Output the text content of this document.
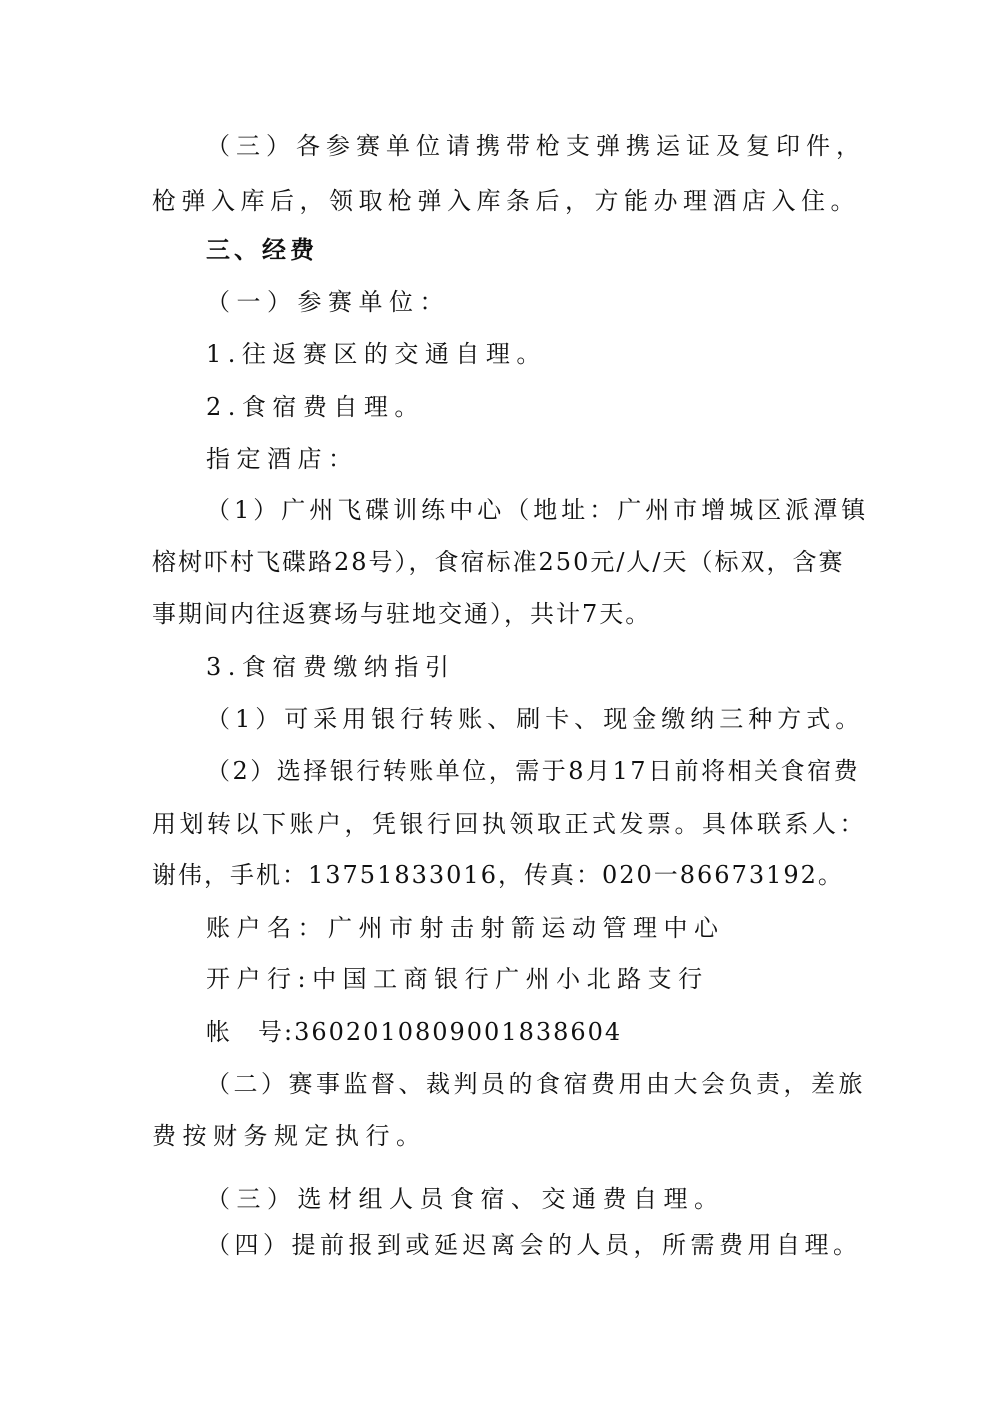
（三）各参赛单位请携带枪支弹携运证及复印件，
枪弹入库后，领取枪弹入库条后，方能办理酒店入住。
三、经费
（一）参赛单位：
1.往返赛区的交通自理。
2.食宿费自理。
指定酒店：
（1）广州飞碟训练中心（地址：广州市增城区派潭镇
榕树吓村飞碟路28号），食宿标准250元/人/天（标双，含赛
事期间内往返赛场与驻地交通），共计7天。
3.食宿费缴纳指引
（1）可采用银行转账、刷卡、现金缴纳三种方式。
（2）选择银行转账单位，需于8月17日前将相关食宿费
用划转以下账户，凭银行回执领取正式发票。具体联系人：
谢伟，手机：13751833016，传真：020一86673192。
账户名：广州市射击射箭运动管理中心
开户行:中国工商银行广州小北路支行
帐　号:3602010809001838604
（二）赛事监督、裁判员的食宿费用由大会负责，差旅
费按财务规定执行。
（三）选材组人员食宿、交通费自理。
（四）提前报到或延迟离会的人员，所需费用自理。
